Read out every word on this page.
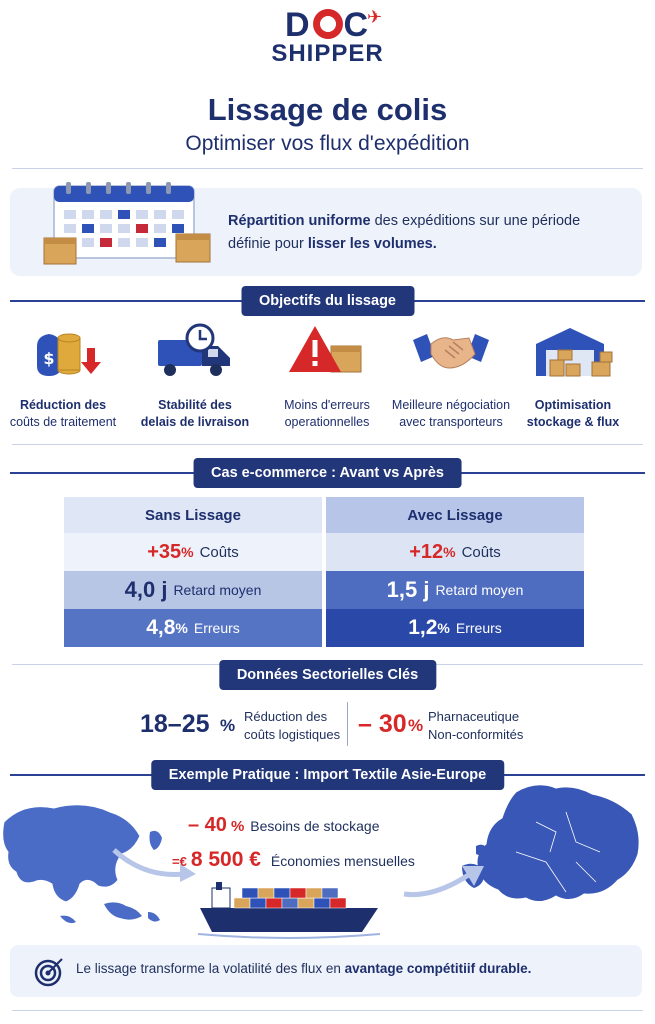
D C
✈
SHIPPER
Lissage de colis
Optimiser vos flux d'expédition
Répartition uniforme des expéditions sur une période définie pour lisser les volumes.
Objectifs du lissage
$
Réduction des
coûts de traitement
Stabilité des
delais de livraison
Moins d'erreurs
operationnelles
Meilleure négociation
avec transporteurs
Optimisation
stockage & flux
Cas e-commerce : Avant vs Après
Sans Lissage
+35 % Coûts
4,0 j Retard moyen
4,8 % Erreurs
Avec Lissage
+12 % Coûts
1,5 j Retard moyen
1,2 % Erreurs
Données Sectorielles Clés
18–25 % Réduction des
coûts logistiques – 30 % Pharnaceutique
Non-conformités
Exemple Pratique : Import Textile Asie-Europe
– 40 % Besoins de stockage
=€ 8 500 € Économies mensuelles
Le lissage transforme la volatilité des flux en avantage compétitiif durable.
